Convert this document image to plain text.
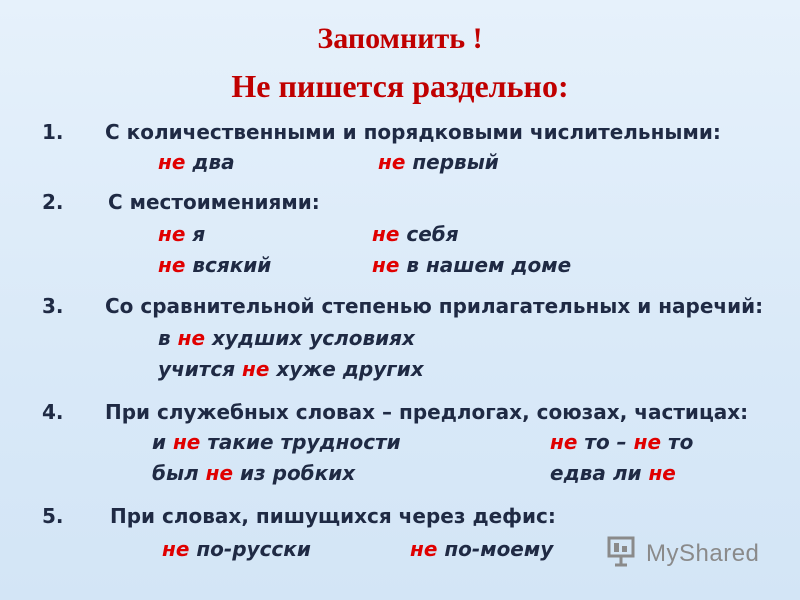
Запомнить !
Не пишется раздельно:
1. С количественными и порядковыми числительными:
не два	не первый
2. С местоимениями:
не я	не себя
не всякий	не в нашем доме
3. Со сравнительной степенью прилагательных и наречий:
в не худших условиях
учится не хуже других
4. При служебных словах – предлогах, союзах, частицах:
и не такие трудности	не то – не то
был не из робких	едва ли не
5. При словах, пишущихся через дефис:
не по-русски	не по-моему	MyShared
